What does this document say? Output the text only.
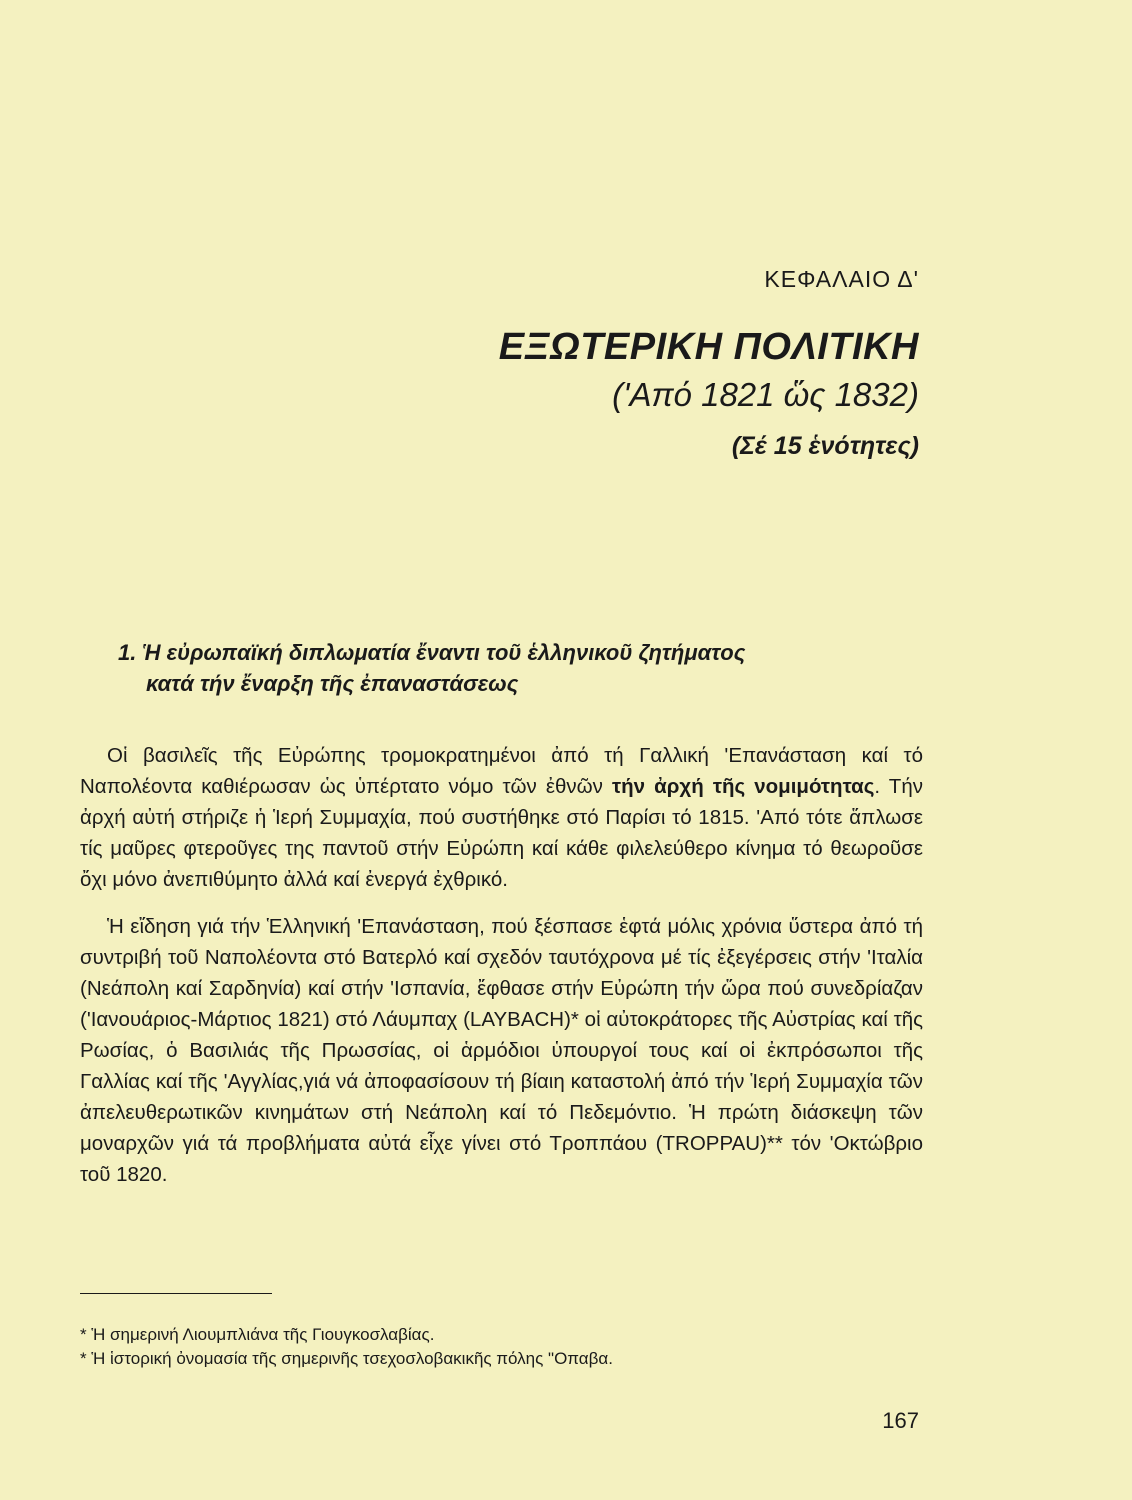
ΚΕΦΑΛΑΙΟ Δ'
ΕΞΩΤΕΡΙΚΗ ΠΟΛΙΤΙΚΗ
('Από 1821 ὥς 1832)
(Σέ 15 ἑνότητες)
1. Ἡ εὐρωπαϊκή διπλωματία ἔναντι τοῦ ἑλληνικοῦ ζητήματος
κατά τήν ἔναρξη τῆς ἐπαναστάσεως

Οἱ βασιλεῖς τῆς Εὐρώπης τρομοκρατημένοι ἀπό τή Γαλλική 'Επανάσταση καί τό Ναπολέοντα καθιέρωσαν ὡς ὑπέρτατο νόμο τῶν ἐθνῶν τήν ἀρχή τῆς νομιμότητας. Τήν ἀρχή αὐτή στήριζε ἡ Ἱερή Συμμαχία, πού συστήθηκε στό Παρίσι τό 1815. 'Από τότε ἅπλωσε τίς μαῦρες φτεροῦγες της παντοῦ στήν Εὐρώπη καί κάθε φιλελεύθερο κίνημα τό θεωροῦσε ὄχι μόνο ἀνεπιθύμητο ἀλλά καί ἐνεργά ἐχθρικό.

Ἡ εἴδηση γιά τήν Ἑλληνική 'Επανάσταση, πού ξέσπασε ἑφτά μόλις χρόνια ὕστερα ἀπό τή συντριβή τοῦ Ναπολέοντα στό Βατερλό καί σχεδόν ταυτόχρονα μέ τίς ἐξεγέρσεις στήν 'Ιταλία (Νεάπολη καί Σαρδηνία) καί στήν 'Ισπανία, ἔφθασε στήν Εὐρώπη τήν ὥρα πού συνεδρίαζαν ('Ιανουάριος-Μάρτιος 1821) στό Λάυμπαχ (LAYBACH)* οἱ αὐτοκράτορες τῆς Αὐστρίας καί τῆς Ρωσίας, ὁ Βασιλιάς τῆς Πρωσσίας, οἱ ἁρμόδιοι ὑπουργοί τους καί οἱ ἐκπρόσωποι τῆς Γαλλίας καί τῆς 'Αγγλίας,γιά νά ἀποφασίσουν τή βίαιη καταστολή ἀπό τήν Ἱερή Συμμαχία τῶν ἀπελευθερωτικῶν κινημάτων στή Νεάπολη καί τό Πεδεμόντιο. Ἡ πρώτη διάσκεψη τῶν μοναρχῶν γιά τά προβλήματα αὐτά εἶχε γίνει στό Τροππάου (TROPPAU)** τόν 'Οκτώβριο τοῦ 1820.

* Ἡ σημερινή Λιουμπλιάνα τῆς Γιουγκοσλαβίας.
* Ἡ ἱστορική ὀνομασία τῆς σημερινῆς τσεχοσλοβακικῆς πόλης "Οπαβα.
167
